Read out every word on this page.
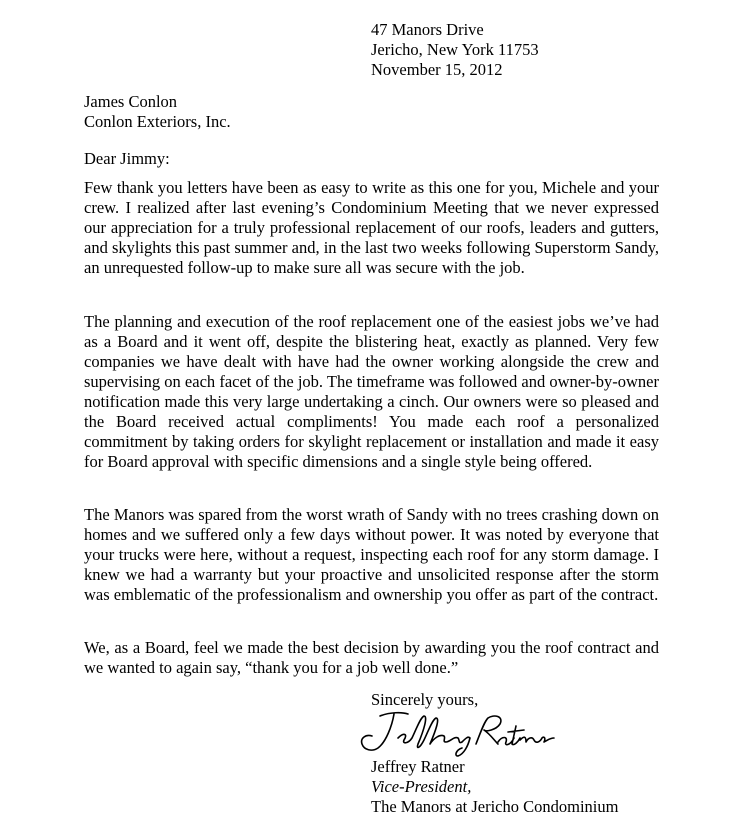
47 Manors Drive
Jericho, New York 11753
November 15, 2012
James Conlon
Conlon Exteriors, Inc.
Dear Jimmy:

Few thank you letters have been as easy to write as this one for you, Michele and your crew. I realized after last evening’s Condominium Meeting that we never expressed our appreciation for a truly professional replacement of our roofs, leaders and gutters, and skylights this past summer and, in the last two weeks following Superstorm Sandy, an unrequested follow-up to make sure all was secure with the job.

The planning and execution of the roof replacement one of the easiest jobs we’ve had as a Board and it went off, despite the blistering heat, exactly as planned. Very few companies we have dealt with have had the owner working alongside the crew and supervising on each facet of the job. The timeframe was followed and owner-by-owner notification made this very large undertaking a cinch. Our owners were so pleased and the Board received actual compliments! You made each roof a personalized commitment by taking orders for skylight replacement or installation and made it easy for Board approval with specific dimensions and a single style being offered.

The Manors was spared from the worst wrath of Sandy with no trees crashing down on homes and we suffered only a few days without power. It was noted by everyone that your trucks were here, without a request, inspecting each roof for any storm damage. I knew we had a warranty but your proactive and unsolicited response after the storm was emblematic of the professionalism and ownership you offer as part of the contract.

We, as a Board, feel we made the best decision by awarding you the roof contract and we wanted to again say, “thank you for a job well done.”

Sincerely yours,
Jeffrey Ratner
Vice-President,
The Manors at Jericho Condominium
